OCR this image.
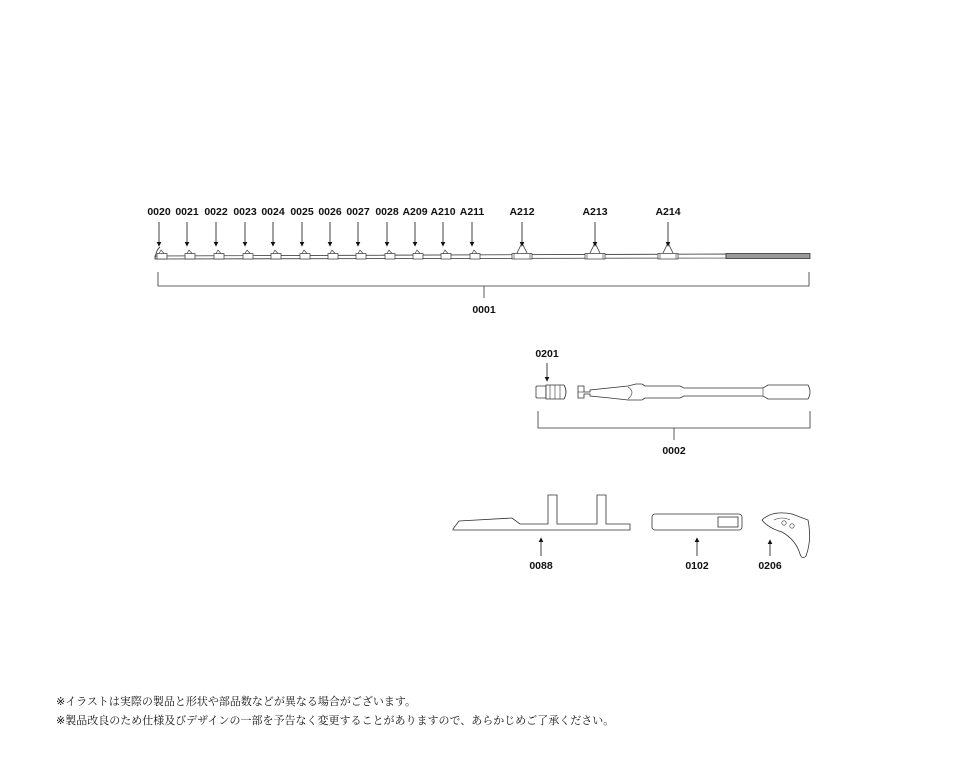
0020 0021 0022 0023 0024 0025 0026 0027 0028 A209 A210 A211 A212	A213	A214
0001
0201
0002
0088	0102	0206
※イラストは実際の製品と形状や部品数などが異なる場合がございます。
※製品改良のため仕様及びデザインの一部を予告なく変更することがありますので、あらかじめご了承ください。
